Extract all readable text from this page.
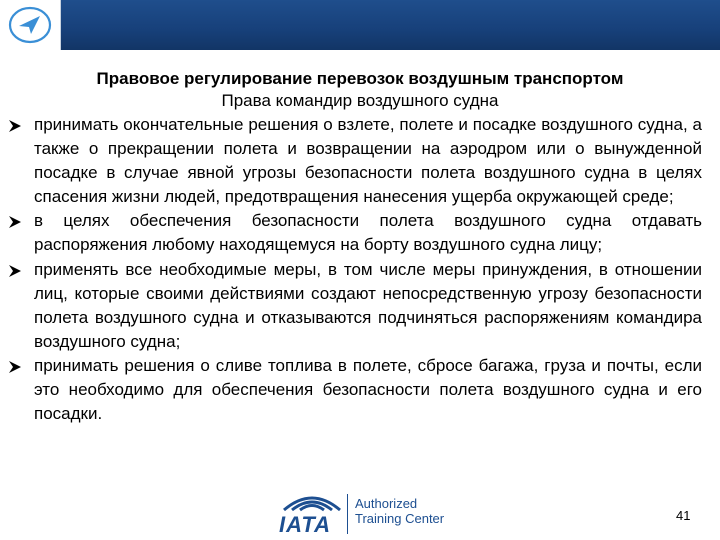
Правовое регулирование перевозок воздушным транспортом
Права командир воздушного судна
принимать окончательные решения о взлете, полете и посадке воздушного судна, а также о прекращении полета и возвращении на аэродром или о вынужденной посадке в случае явной угрозы безопасности полета воздушного судна в целях спасения жизни людей, предотвращения нанесения ущерба окружающей среде;
в целях обеспечения безопасности полета воздушного судна отдавать распоряжения любому находящемуся на борту воздушного судна лицу;
применять все необходимые меры, в том числе меры принуждения, в отношении лиц, которые своими действиями создают непосредственную угрозу безопасности полета воздушного судна и отказываются подчиняться распоряжениям командира воздушного судна;
принимать решения о сливе топлива в полете, сбросе багажа, груза и почты, если это необходимо для обеспечения безопасности полета воздушного судна и его посадки.
IATA
Authorized
Training Center	41
